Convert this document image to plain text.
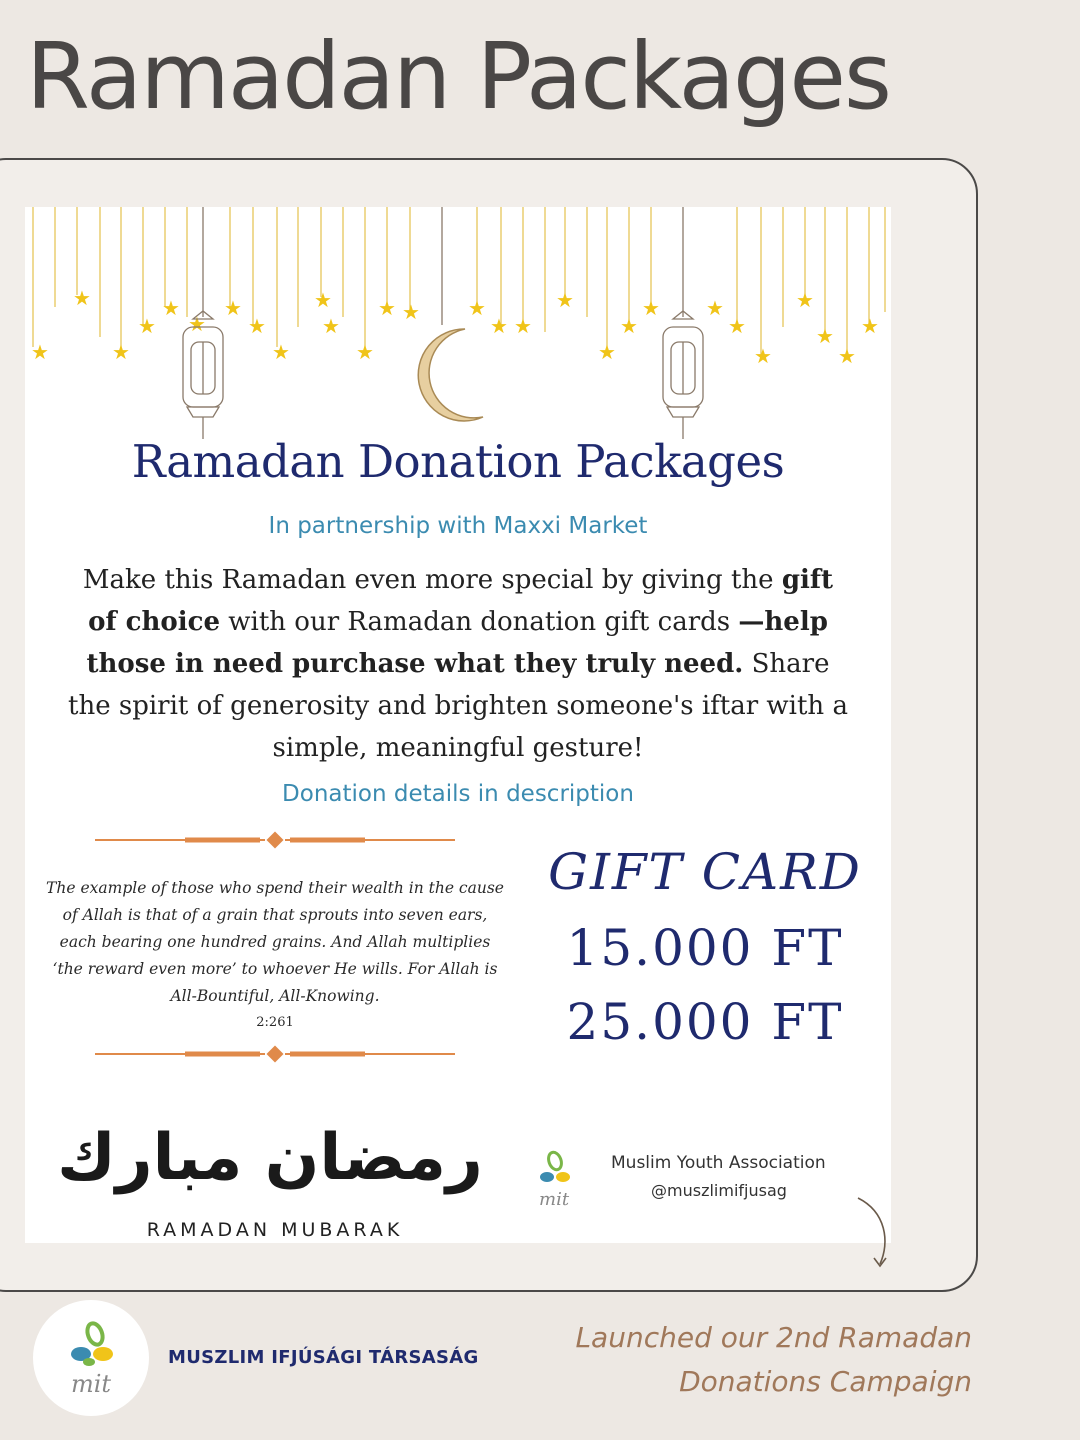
Ramadan Packages
★
★
★
★
★
★
★
★
★
★
★
★
★ ★ ★
★ ★
★
★
★
★ ★
★
★
★
★
★
★
Ramadan Donation Packages
In partnership with Maxxi Market
Make this Ramadan even more special by giving the gift of choice with our Ramadan donation gift cards —help those in need purchase what they truly need. Share the spirit of generosity and brighten someone's iftar with a simple, meaningful gesture!
Donation details in description
The example of those who spend their wealth in the cause of Allah is that of a grain that sprouts into seven ears, each bearing one hundred grains. And Allah multiplies ‘the reward even more’ to whoever He wills. For Allah is All-Bountiful, All-Knowing.
2:261
GIFT CARD
15.000 FT
25.000 FT
رمضان مبارك
RAMADAN MUBARAK
mit
Muslim Youth Association
@muszlimifjusag
mit
MUSZLIM IFJÚSÁGI TÁRSASÁG
Launched our 2nd Ramadan
Donations Campaign
